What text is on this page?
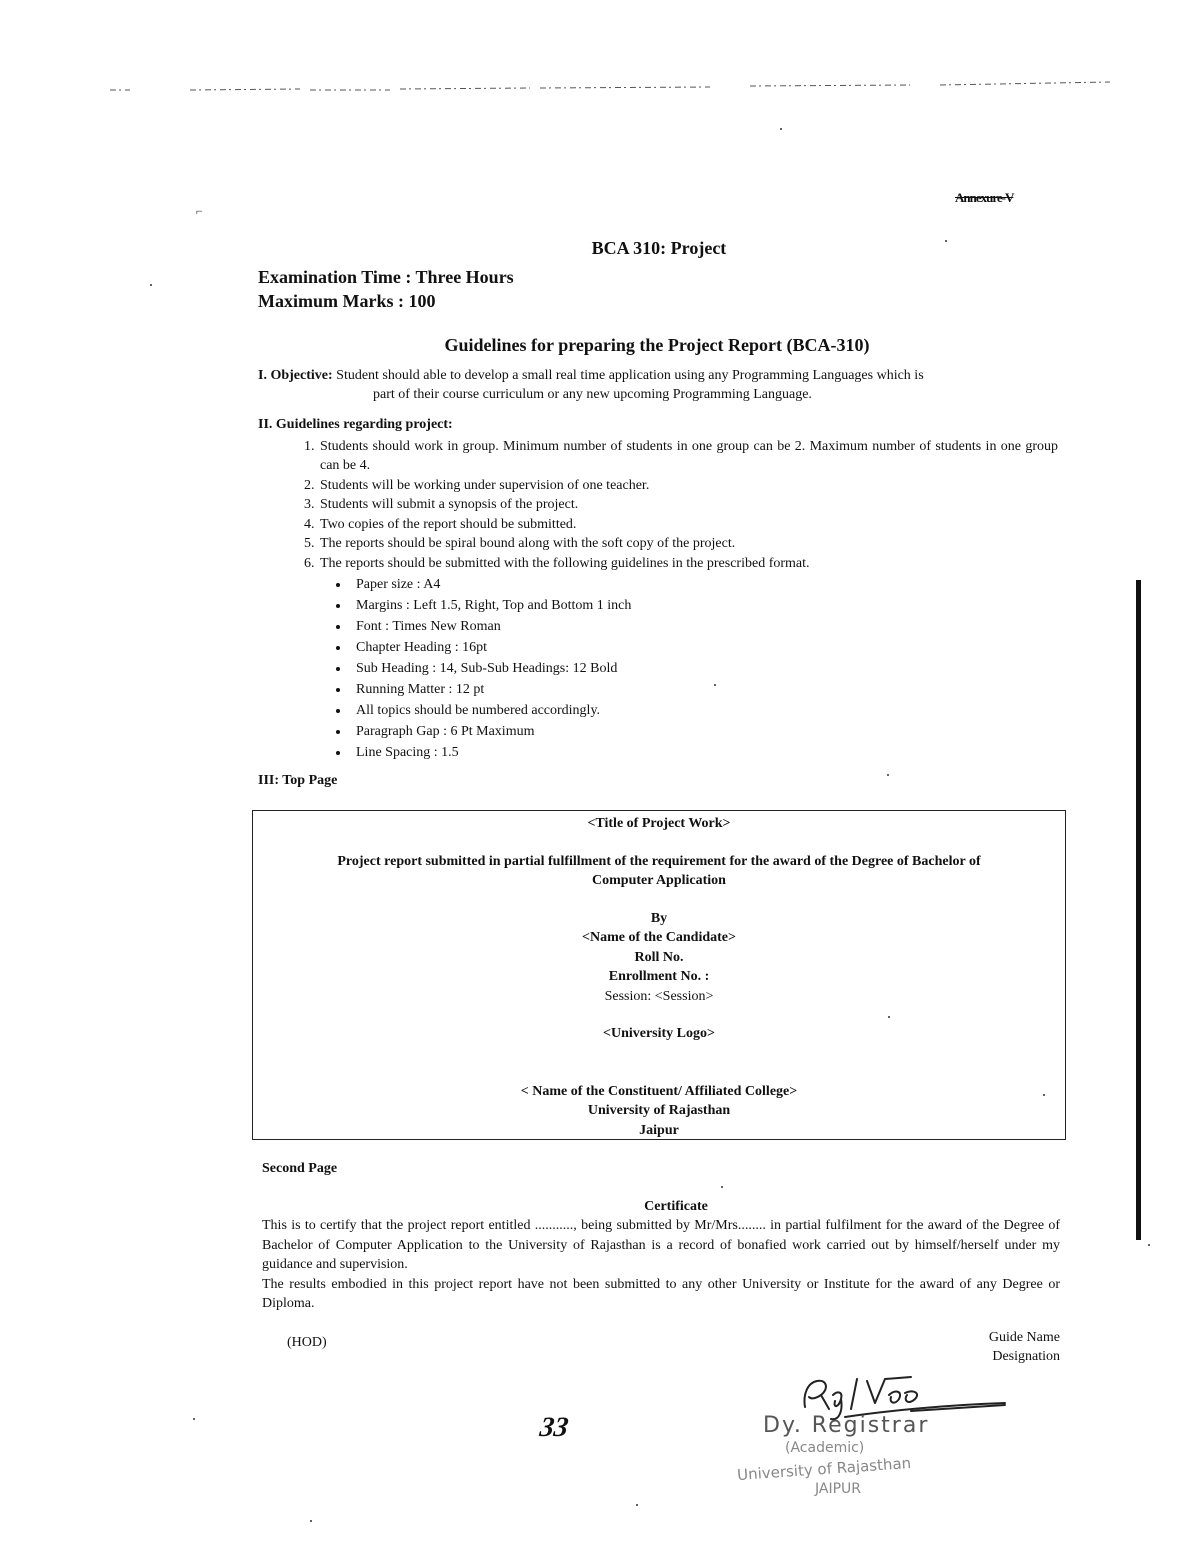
⌐
Annexure-V
BCA 310: Project
Examination Time : Three Hours
Maximum Marks : 100
Guidelines for preparing the Project Report (BCA-310)
I. Objective: Student should able to develop a small real time application using any Programming Languages which is
part of their course curriculum or any new upcoming Programming Language.
II. Guidelines regarding project:
1. Students should work in group. Minimum number of students in one group can be 2. Maximum number of students in one group can be 4.
2. Students will be working under supervision of one teacher.
3. Students will submit a synopsis of the project.
4. Two copies of the report should be submitted.
5. The reports should be spiral bound along with the soft copy of the project.
6. The reports should be submitted with the following guidelines in the prescribed format.
• Paper size : A4
• Margins : Left 1.5, Right, Top and Bottom 1 inch
• Font : Times New Roman
• Chapter Heading : 16pt
• Sub Heading : 14, Sub-Sub Headings: 12 Bold
• Running Matter : 12 pt
• All topics should be numbered accordingly.
• Paragraph Gap : 6 Pt Maximum
• Line Spacing : 1.5
III: Top Page
<Title of Project Work>
Project report submitted in partial fulfillment of the requirement for the award of the Degree of Bachelor of
Computer Application
By
<Name of the Candidate>
Roll No.
Enrollment No. :
Session: <Session>
<University Logo>
< Name of the Constituent/ Affiliated College>
University of Rajasthan
Jaipur
Second Page
Certificate

This is to certify that the project report entitled ..........., being submitted by Mr/Mrs........ in partial fulfilment for the award of the Degree of Bachelor of Computer Application to the University of Rajasthan is a record of bonafied work carried out by himself/herself under my guidance and supervision.

The results embodied in this project report have not been submitted to any other University or Institute for the award of any Degree or Diploma.

(HOD)	Guide Name
Designation
33	Dy. Registrar
(Academic)
University of Rajasthan
JAIPUR
